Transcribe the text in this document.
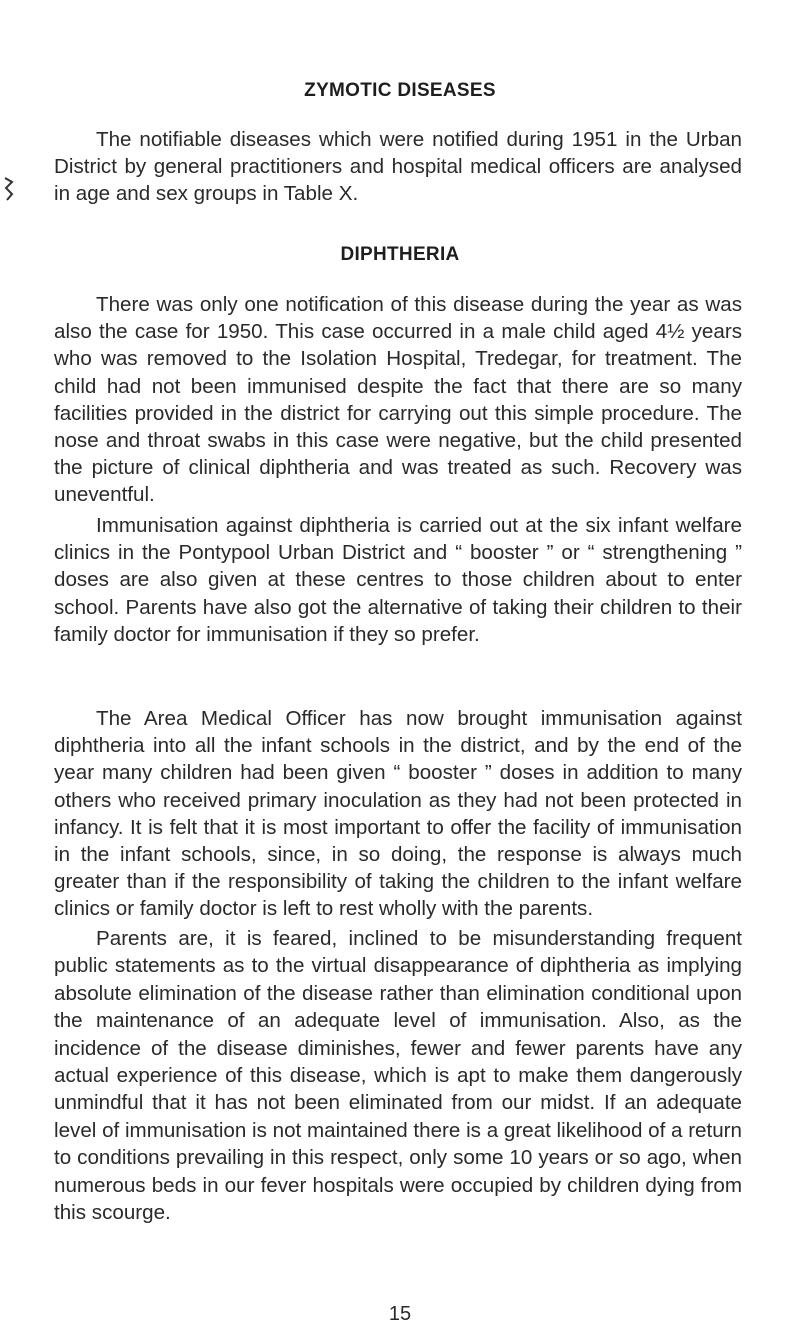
ZYMOTIC DISEASES

The notifiable diseases which were notified during 1951 in the Urban District by general practitioners and hospital medical officers are analysed in age and sex groups in Table X.

DIPHTHERIA

There was only one notification of this disease during the year as was also the case for 1950. This case occurred in a male child aged 4½ years who was removed to the Isolation Hospital, Tredegar, for treatment. The child had not been immunised despite the fact that there are so many facilities provided in the district for carrying out this simple procedure. The nose and throat swabs in this case were negative, but the child presented the picture of clinical diphtheria and was treated as such. Recovery was uneventful.

Immunisation against diphtheria is carried out at the six infant welfare clinics in the Pontypool Urban District and “ booster ” or “ strengthening ” doses are also given at these centres to those children about to enter school. Parents have also got the alternative of taking their children to their family doctor for immunisation if they so prefer.

The Area Medical Officer has now brought immunisation against diphtheria into all the infant schools in the district, and by the end of the year many children had been given “ booster ” doses in addition to many others who received primary inoculation as they had not been protected in infancy. It is felt that it is most important to offer the facility of immunisation in the infant schools, since, in so doing, the response is always much greater than if the responsibility of taking the children to the infant welfare clinics or family doctor is left to rest wholly with the parents.

Parents are, it is feared, inclined to be misunderstanding frequent public statements as to the virtual disappearance of diphtheria as implying absolute elimination of the disease rather than elimination conditional upon the maintenance of an adequate level of immunisation. Also, as the incidence of the disease diminishes, fewer and fewer parents have any actual experience of this disease, which is apt to make them dangerously unmindful that it has not been eliminated from our midst. If an adequate level of immunisation is not maintained there is a great likelihood of a return to conditions prevailing in this respect, only some 10 years or so ago, when numerous beds in our fever hospitals were occupied by children dying from this scourge.

15
